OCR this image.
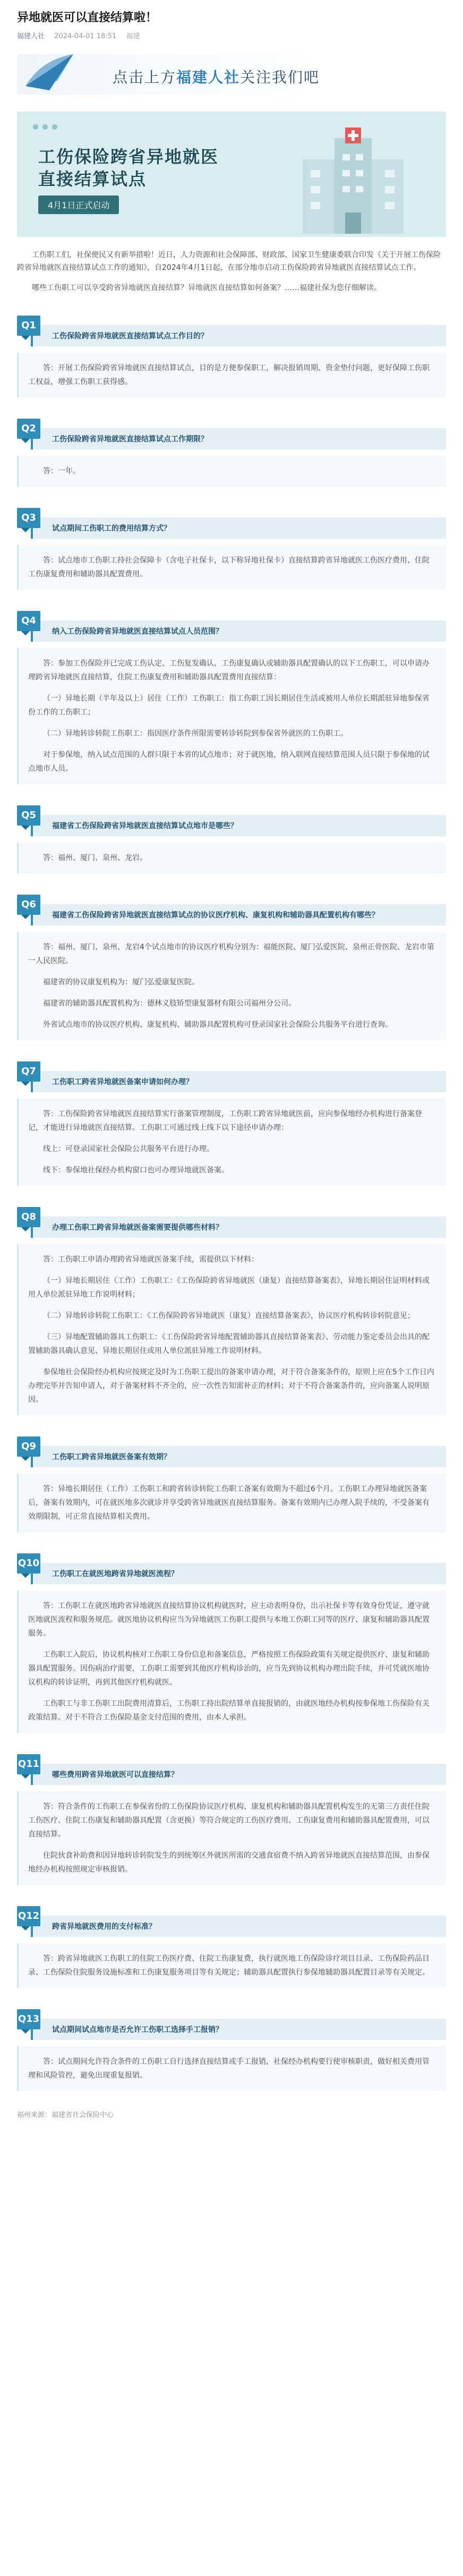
异地就医可以直接结算啦！
福建人社 2024-04-01 18:51 福建
点击上方福建人社关注我们吧
工伤保险跨省异地就医
直接结算试点
4月1日正式启动

工伤职工们，社保便民又有新举措啦！近日，人力资源和社会保障部、财政部、国家卫生健康委联合印发《关于开展工伤保险跨省异地就医直接结算试点工作的通知》，自2024年4月1日起，在部分地市启动工伤保险跨省异地就医直接结算试点工作。

哪些工伤职工可以享受跨省异地就医直接结算？异地就医直接结算如何备案？……福建社保为您仔细解读。

工伤保险跨省异地就医直接结算试点工作目的？
Q1

答：开展工伤保险跨省异地就医直接结算试点，目的是方便参保职工，解决报销周期、资金垫付问题，更好保障工伤职工权益，增强工伤职工获得感。

工伤保险跨省异地就医直接结算试点工作期限？
Q2

答：一年。

试点期间工伤职工的费用结算方式？
Q3

答：试点地市工伤职工持社会保障卡（含电子社保卡，以下称异地社保卡）直接结算跨省异地就医工伤医疗费用、住院工伤康复费用和辅助器具配置费用。

纳入工伤保险跨省异地就医直接结算试点人员范围？
Q4

答：参加工伤保险并已完成工伤认定、工伤复发确认、工伤康复确认或辅助器具配置确认的以下工伤职工，可以申请办理跨省异地就医直接结算，住院工伤康复费用和辅助器具配置费用直接结算：

（一）异地长期（半年及以上）居住（工作）工伤职工：指工伤职工因长期居住生活或被用人单位长期派驻异地参保省份工作的工伤职工；

（二）异地转诊转院工伤职工：指因医疗条件所限需要转诊转院到参保省外就医的工伤职工。

对于参保地，纳入试点范围的人群只限于本省的试点地市；对于就医地，纳入联网直接结算范围人员只限于参保地的试点地市人员。

福建省工伤保险跨省异地就医直接结算试点地市是哪些？
Q5

答：福州、厦门、泉州、龙岩。

福建省工伤保险跨省异地就医直接结算试点的协议医疗机构、康复机构和辅助器具配置机构有哪些？
Q6

答：福州、厦门、泉州、龙岩4个试点地市的协议医疗机构分别为：福能医院、厦门弘爱医院、泉州正骨医院、龙岩市第一人民医院。

福建省的协议康复机构为：厦门弘爱康复医院。

福建省的辅助器具配置机构为：德林义肢矫型康复器材有限公司福州分公司。

外省试点地市的协议医疗机构、康复机构、辅助器具配置机构可登录国家社会保险公共服务平台进行查询。

工伤职工跨省异地就医备案申请如何办理？
Q7

答：工伤保险跨省异地就医直接结算实行备案管理制度，工伤职工跨省异地就医前，应向参保地经办机构进行备案登记，才能进行异地就医直接结算。工伤职工可通过线上线下以下途径申请办理：

线上：可登录国家社会保险公共服务平台进行办理。

线下：参保地社保经办机构窗口也可办理异地就医备案。

办理工伤职工跨省异地就医备案需要提供哪些材料？
Q8

答：工伤职工申请办理跨省异地就医备案手续，需提供以下材料：

（一）异地长期居住（工作）工伤职工：《工伤保险跨省异地就医（康复）直接结算备案表》，异地长期居住证明材料或用人单位派驻异地工作说明材料；

（二）异地转诊转院工伤职工：《工伤保险跨省异地就医（康复）直接结算备案表》，协议医疗机构转诊转院意见；

（三）异地配置辅助器具工伤职工：《工伤保险跨省异地配置辅助器具直接结算备案表》、劳动能力鉴定委员会出具的配置辅助器具确认意见、异地长期居住或用人单位派驻异地工作说明材料。

参保地社会保险经办机构应按规定及时为工伤职工提出的备案申请办理，对于符合备案条件的，原则上应在5个工作日内办理完毕并告知申请人，对于备案材料不齐全的，应一次性告知需补正的材料；对于不符合备案条件的，应向备案人说明原因。

工伤职工跨省异地就医备案有效期？
Q9

答：异地长期居住（工作）工伤职工和跨省转诊转院工伤职工备案有效期为不超过6个月。工伤职工办理异地就医备案后，备案有效期内，可在就医地多次就诊并享受跨省异地就医直接结算服务。备案有效期内已办理入院手续的，不受备案有效期限制，可正常直接结算相关费用。

工伤职工在就医地跨省异地就医流程？
Q10

答：工伤职工在就医地跨省异地就医直接结算协议机构就医时，应主动表明身份，出示社保卡等有效身份凭证，遵守就医地就医流程和服务规范。就医地协议机构应当为异地就医工伤职工提供与本地工伤职工同等的医疗、康复和辅助器具配置服务。

工伤职工入院后，协议机构核对工伤职工身份信息和备案信息，严格按照工伤保险政策有关规定提供医疗、康复和辅助器具配置服务。因伤病治疗需要，工伤职工需要到其他医疗机构诊治的，应当先到协议机构办理出院手续，并可凭就医地协议机构的转诊证明，再到其他医疗机构就医。

工伤职工与非工伤职工出院费用清算后，工伤职工持出院结算单直接报销的，由就医地经办机构按参保地工伤保险有关政策结算。对于不符合工伤保险基金支付范围的费用，由本人承担。

哪些费用跨省异地就医可以直接结算？
Q11

答：符合条件的工伤职工在参保省份的工伤保险协议医疗机构、康复机构和辅助器具配置机构发生的无第三方责任住院工伤医疗、住院工伤康复和辅助器具配置（含更换）等符合规定的工伤医疗费用、工伤康复费用和辅助器具配置费用，可以直接结算。

住院伙食补助费和因异地转诊转院发生的到统筹区外就医所需的交通食宿费不纳入跨省异地就医直接结算范围，由参保地经办机构按照规定审核报销。

跨省异地就医费用的支付标准？
Q12

答：跨省异地就医工伤职工的住院工伤医疗费、住院工伤康复费，执行就医地工伤保险诊疗项目目录、工伤保险药品目录、工伤保险住院服务设施标准和工伤康复服务项目等有关规定；辅助器具配置执行参保地辅助器具配置目录等有关规定。

试点期间试点地市是否允许工伤职工选择手工报销？
Q13

答：试点期间允许符合条件的工伤职工自行选择直接结算或手工报销，社保经办机构要行使审核职责，做好相关费用管理和风险管控，避免出现重复报销。

福州来源：福建省社会保险中心
